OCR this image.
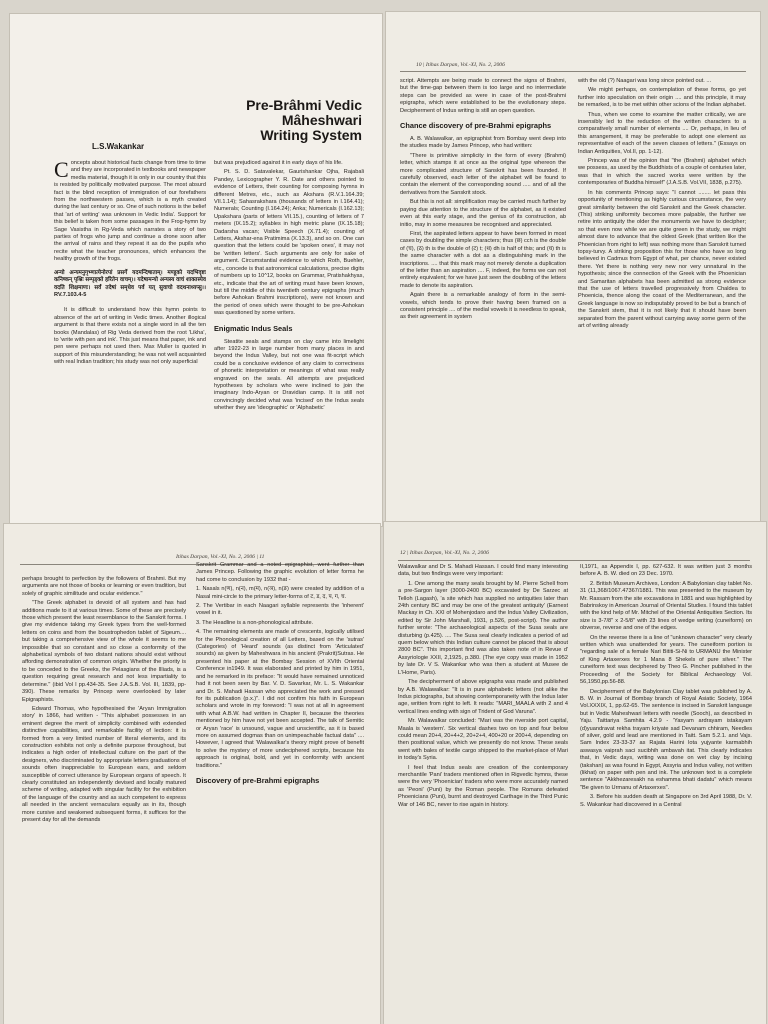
Pre-Brâhmi Vedic Mâheshwari Writing System
L.S.Wakankar

Concepts about historical facts change from time to time and they are incorporated in textbooks and newspaper media material, though it is only in our country that this is resisted by politically motivated purpose. The most absurd fact is the blind reception of immigration of our forefathers from the northwestern passes, which is a myth created during the last century or so. One of such notions is the belief that 'art of writing' was unknown in Vedic India'. Support for this belief is taken from some passages in the Frog-hymn by Sage Vasistha in Rg-Veda which narrates a story of two parties of frogs who jump and continue a drone soon after the arrival of rains and they repeat it as do the pupils who recite what the teacher pronounces, which enhances the healthy growth of the frogs.

अन्यो अन्यमनुगृभ्णात्येनोरपां प्रसर्गे यदमन्दिषाताम्। मण्डूको यदभिवृष्टः कनिष्कन् पृश्निः सम्पृड्क्ते हरितेन वाचम्।। यदेषामन्यो अन्यस्य वाचं शाक्तस्येव वदति शिक्षमाणः। सर्वं तदेषां समृधेव पर्व यत् सुवाचो वदथनाध्यप्सु।। RV.7.103.4-5

It is difficult to understand how this hymn points to absence of the art of writing in Vedic times. Another illogical argument is that there exists not a single word in all the ten books (Mandalas) of Rig Veda derived from the root 'Likha', to 'write with pen and ink'. This just means that paper, ink and pen were perhaps not used then. Max Muller is quoted in support of this misunderstanding; he was not well acquainted with real Indian tradition; his study was not only superficial

but was prejudiced against it in early days of his life.

Pt. S. D. Satavalekar, Gaurishankar Ojha, Rajabali Pandey, Lexicographer Y. R. Date and others pointed to evidence of Letters, their counting for composing hymns in different Metres, etc., such as Akshara (R.V.1.164.39; VII.1.14); Sahasrakshara (thousands of letters in I.164.41); Numerals; Counting (I.164.24); Anka; Numericals (I.162.13); Upakshara (parts of letters VII.15.), counting of letters of 7 meters (IX.15.2); syllables in high metric plane (IX.15.18); Dadarsha vacan; Visible Speech (X.71.4); counting of Letters, Akshar-ena Pratimima (X.13.3), and so on. One can question that the letters could be 'spoken ones', it may not be 'written letters'. Such arguments are only for sake of argument. Circumstantial evidence to which Roth, Buehler, etc., concede is that astronomical calculations, precise digits of numbers up to 10^12, books on Grammar, Pratishakhyas, etc., indicate that the art of writing must have been known, but till the middle of this twentieth century epigraphs (much before Ashokan Brahmi inscriptions), were not known and the period of ones which were thought to be pre-Ashokan was questioned by some writers.

Enigmatic Indus Seals

Steatite seals and stamps on clay came into limelight after 1922-23 in large number from many places in and beyond the Indus Valley, but not one was fit-script which could be a conclusive evidence of any claim to correctness of phonetic interpretation or meanings of what was really engraved on the seals. All attempts are prejudiced hypotheses by scholars who were inclined to join the imaginary Indo-Aryan or Dravidian camp. It is still not convincingly decided what was 'incised' on the Indus seals whether they are 'ideographic' or 'Alphabetic'

10 | Itihas Darpan, Vol.-XI, No. 2, 2006

script. Attempts are being made to connect the signs of Brahmi, but the time-gap between them is too large and no intermediate steps can be provided as were in case of the post-Brahmi epigraphs, which were established to be the evolutionary steps. Decipherment of Indus writing is still an open question.

Chance discovery of pre-Brahmi epigraphs

A. B. Walawalkar, an epigraphist from Bombay went deep into the studies made by James Princep, who had written:

"There is primitive simplicity in the form of every (Brahmi) letter, which stamps it at once as the original type whereon the more complicated structure of Sanskrit has been founded. If carefully observed, each letter of the alphabet will be found to contain the element of the corresponding sound ..... and of all the derivatives from the Sanskrit stock.

But this is not all: simplification may be carried much further by paying due attention to the structure of the alphabet, as it existed even at this early stage, and the genius of its construction, ab initio, may in some measures be recognised and appreciated.

First, the aspirated letters appear to have been formed in most cases by doubling the simple characters; thus (छ) cch is the double of (च), (ठ) th is the double of (ट) t; (थ) dh is half of this; and (ध) th is the same character with a dot as a distinguishing mark in the inscriptions. .... that this mark may not merely denote a duplication of the letter than an aspiration .... F, indeed, the forms we can not entirely equivalent; for we have just seen the doubling of the letters made to denote its aspiration.

Again there is a remarkable analogy of form in the semi-vowels, which tends to prove their having been framed on a consistent principle .... of the medial vowels it is needless to speak, as their agreement in system

with the old (?) Naagari was long since pointed out. ...

We might perhaps, on contemplation of these forms, go yet further into speculation on their origin .... and this principle, it may be remarked, is to be met within other scions of the Indian alphabet.

Thus, when we come to examine the matter critically, we are insensibly led to the reduction of the written characters to a comparatively small number of elements .... Or, perhaps, in lieu of this arrangement, it may be preferable to adopt one element as representative of each of the seven classes of letters." (Essays on Indian Antiquities, Vol.II, pp. 1-12).

Princep was of the opinion that "the (Brahmi) alphabet which we possess, as used by the Buddhists of a couple of centuries later, was that in which the sacred works were written by the contemporaries of Buddha himself" (J.A.S.B. Vol.VII, 1838, p.275).

In his comments Princep says: "I cannot ........ let pass this opportunity of mentioning as highly curious circumstance, the very great similarity between the old Sanskrit and the Greek character. (This) striking uniformity becomes more palpable, the further we retire into antiquity the older the monuments we have to decipher; so that even now while we are quite green in the study, we might almost dare to advance that the oldest Greek (that written like the Phoenician from right to left) was nothing more than Sanskrit turned topsy-turvy. A striking proposition this for those who have so long believed in Cadmus from Egypt of what, per chance, never existed there. Yet there is nothing very new nor very unnatural in the hypothesis; since the connection of the Greek with the Phoenician and Samaritan alphabets has been admitted as strong evidence that the use of letters travelled progressively from Chaldea to Phoenicia, thence along the coast of the Mediterranean, and the Greek language is now so indisputably proved to be but a branch of the Sanskrit stem, that it is not likely that it should have been separated from the parent without carrying away some germ of the art of writing already

Itihas Darpan, Vol.-XI, No. 2, 2006 | 11

perhaps brought to perfection by the followers of Brahmi. But my arguments are not those of books or learning or even tradition, but solely of graphic similitude and ocular evidence."

"The Greek alphabet is devoid of all system and has had additions made to it at various times. Some of these are precisely those which present the least resemblance to the Sanskrit forms. I give my evidence taking my Greek types from the well-formed letters on coins and from the boustrophedon tablet of Sigeum.... but taking a comprehensive view of the whole it seems to me impossible that so constant and so close a conformity of the alphabetical symbols of two distant nations should exist without affording demonstration of common origin. Whether the priority is to be conceded to the Greeks, the Pelasgians of the Illiads, is a question requiring great research and not less impartiality to determine." (ibid Vol I pp.434-35. See J.A.S.B. Vol. III, 1839, pp-390). These remarks by Princep were overlooked by later Epigraphists.

Edward Thomas, who hypothesised the 'Aryan Immigration story' in 1866, had written - "This alphabet possesses in an eminent degree the merit of simplicity combined with extended distinctive capabilities, and remarkable facility of lection: it is formed from a very limited number of literal elements, and its construction exhibits not only a definite purpose throughout, but indicates a high order of intellectual culture on the part of the designers, who discriminated by appropriate letters graduations of sounds often inappreciable to European ears, and seldom susceptible of correct utterance by European organs of speech. It clearly constituted an independently devised and locally matured scheme of writing, adapted with singular facility for the exhibition of the language of the country and as such competent to express all needed in the ancient vernaculars equally as in its, though more cursive and weakened subsequent forms, it suffices for the present day for all the demands

Sanskrit Grammar and a noted epigraphist, went further than James Princep. Following the graphic evolution of letter forms he had come to conclusion by 1932 that -

1. Nasals n(ण), n(न), m(म), n(ञ), n(ङ) were created by addition of a Nasal mini-circle to the primary letter-forms of ट, ड, द, प, ग, च.

2. The Vertibar in each Naagari syllable represents the 'inherent' vowel in it.

3. The Headline is a non-phonological attribute.

4. The remaining elements are made of crescents, logically utilised for the Phonological creation of all Letters, based on the 'sutras' (Categories) of 'Heard' sounds (as distinct from 'Articulated' sounds) as given by Maheshwara in his ancient (Prakrit)Sutras. He presented his paper at the Bombay Session of XVIth Oriental Conference in1949. It was elaborated and printed by him in 1951, and he remarked in its preface: "It would have remained unnoticed had it not been seen by Bar. V. D. Savarkar, Mr. L. S. Wakankar and Dr. S. Mahadi Hassan who appreciated the work and pressed for its publication (p.x.)". I did not confirm his faith in European scholars and wrote in my foreword: "I was not at all in agreement with what A.B.W. had written in Chapter II, because the theories mentioned by him have not yet been accepted. The talk of Semitic or Aryan 'race' is unsound, vague and unscientific, as it is based more on assumed dogmas than on unimpeachable factual data" .... However, I agreed that 'Walawalkar's theory might prove of benefit to solve the mystery of more undeciphered scripts, because his approach is original, bold, and yet in conformity with ancient traditions."

Discovery of pre-Brahmi epigraphs
12 | Itihas Darpan, Vol.-XI, No. 2, 2006

Walawalkar and Dr S. Mahadi Hassan. I could find many interesting data, but two findings were very important:

1. One among the many seals brought by M. Pierre Schell from a pre-Sargon layer (3000-2400 BC) excavated by De Sarzec at Telloh (Lagash), 'a site which has supplied no antiquities later than 24th century BC and may be one of the greatest antiquity' (Earnest Mackay in Ch. XXI of Mohenjodaro and the Indus Valley Civilization, edited by Sir John Marshall, 1931, p.526, post-script). The author further wrote: "The archaeological aspects of the Susa seals are disturbing (p.425). .... The Susa seal clearly indicates a period of ad quem below which this Indian culture cannot be placed that is about 2800 BC". This important find was also taken note of in Revue d' Assyriologie XXII, 2,1925, p.380. (The eye copy was made in 1952 by late Dr. V S. Wakankar who was then a student at Musee de L'Home, Paris).

The decipherment of above epigraphs was made and published by A.B. Walawalkar: "It is in pure alphabetic letters (not alike the Indus pictographs, but showing contemporaneity with the Indus later age, written from right to left. It reads: "MARI_MAALA with 2 and 4 vertical lines ending with sign of Trident of God Varuna".

Mr. Walawalkar concluded: "Mari was the riverside port capital, Maala is 'western'. Six vertical dashes two on top and four below could mean 20+4, 20+4+2, 20+2+4, 400+20 or 200+4, depending on then positional value, which we presently do not know. These seals went with bales of textile cargo shipped to the market-place of Mari in today's Syria.

I feel that Indus seals are creation of the contemporary merchantile 'Pani' traders mentioned often in Rigvedic hymns, these were the very 'Phoenician' traders who were more accurately named as 'Peoni' (Puni) by the Roman people. The Romans defeated Phoenicians (Puni), burnt and destroyed Carthage in the Third Punic War of 146 BC, never to rise again in history.

II,1971, as Appendix I, pp. 627-632. It was written just 3 months before A. B. W. died on 23 Dec. 1970.

2. British Museum Archives, London: A Babylonian clay tablet No. 31 (11,368/1067.47367/1881. This was presented to the museum by Mr. Rassam from the site excavations in 1881 and was highlighted by Babrinskoy in American Journal of Oriental Studies. I found this tablet with the kind help of Mr. Mitchel of the Oriental Antiquities Section. Its size is 3-7/8" x 2-5/8" with 23 lines of wedge writing (cuneiform) on obverse, reverse and one of the edges.

On the reverse there is a line of "unknown character" very clearly written which was unattended for years. The cuneiform portion is "regarding sale of a female Nari Bititi-Si-Ni to URMANU the Minister of King Artaxerxes for 1 Mana 8 Shekels of pure silver." The cuneiform text was deciphered by Theo G. Pincher published in the Proceeding of the Society for Biblical Archaeology Vol. 56,1950,pp.56-88.

Decipherment of the Babylonian Clay tablet was published by A. B. W. in Journal of Bombay branch of Royal Asiatic Society, 1964 Vol.XXXIX, 1, pp.62-65. The sentence is incised in Sanskrit language but in Vedic Maheshwari letters with needle (Sooch), as described in Yaju. Taittariya Samhita 4.2.9 - 'Yasyam ardrayam istakayam (d)yuandravat rekha trayam kriyate sad Devanam chhiram, Needles of silver, gold and lead are mentioned in Taitt. Sam 5.2.1. and Vajs. Sam Index 23-33-37 as Rajata Harini lota yujyante karmabhih aswasya vaiprah saci sucibhih ambavah itat. This clearly indicates that, in Vedic days, writing was done on wet clay by incising (takshan) as was found in Egypt, Assyria and Indus valley, not written (likhat) on paper with pen and ink. The unknown text is a complete sentence "Akkhezaresakh na eshamma bhati dadatu" which means "Be given to Urmanu of Artaxerxes".

3. Before his sudden death at Singapore on 3rd April 1988, Dr. V. S. Wakankar had discovered in a Central
